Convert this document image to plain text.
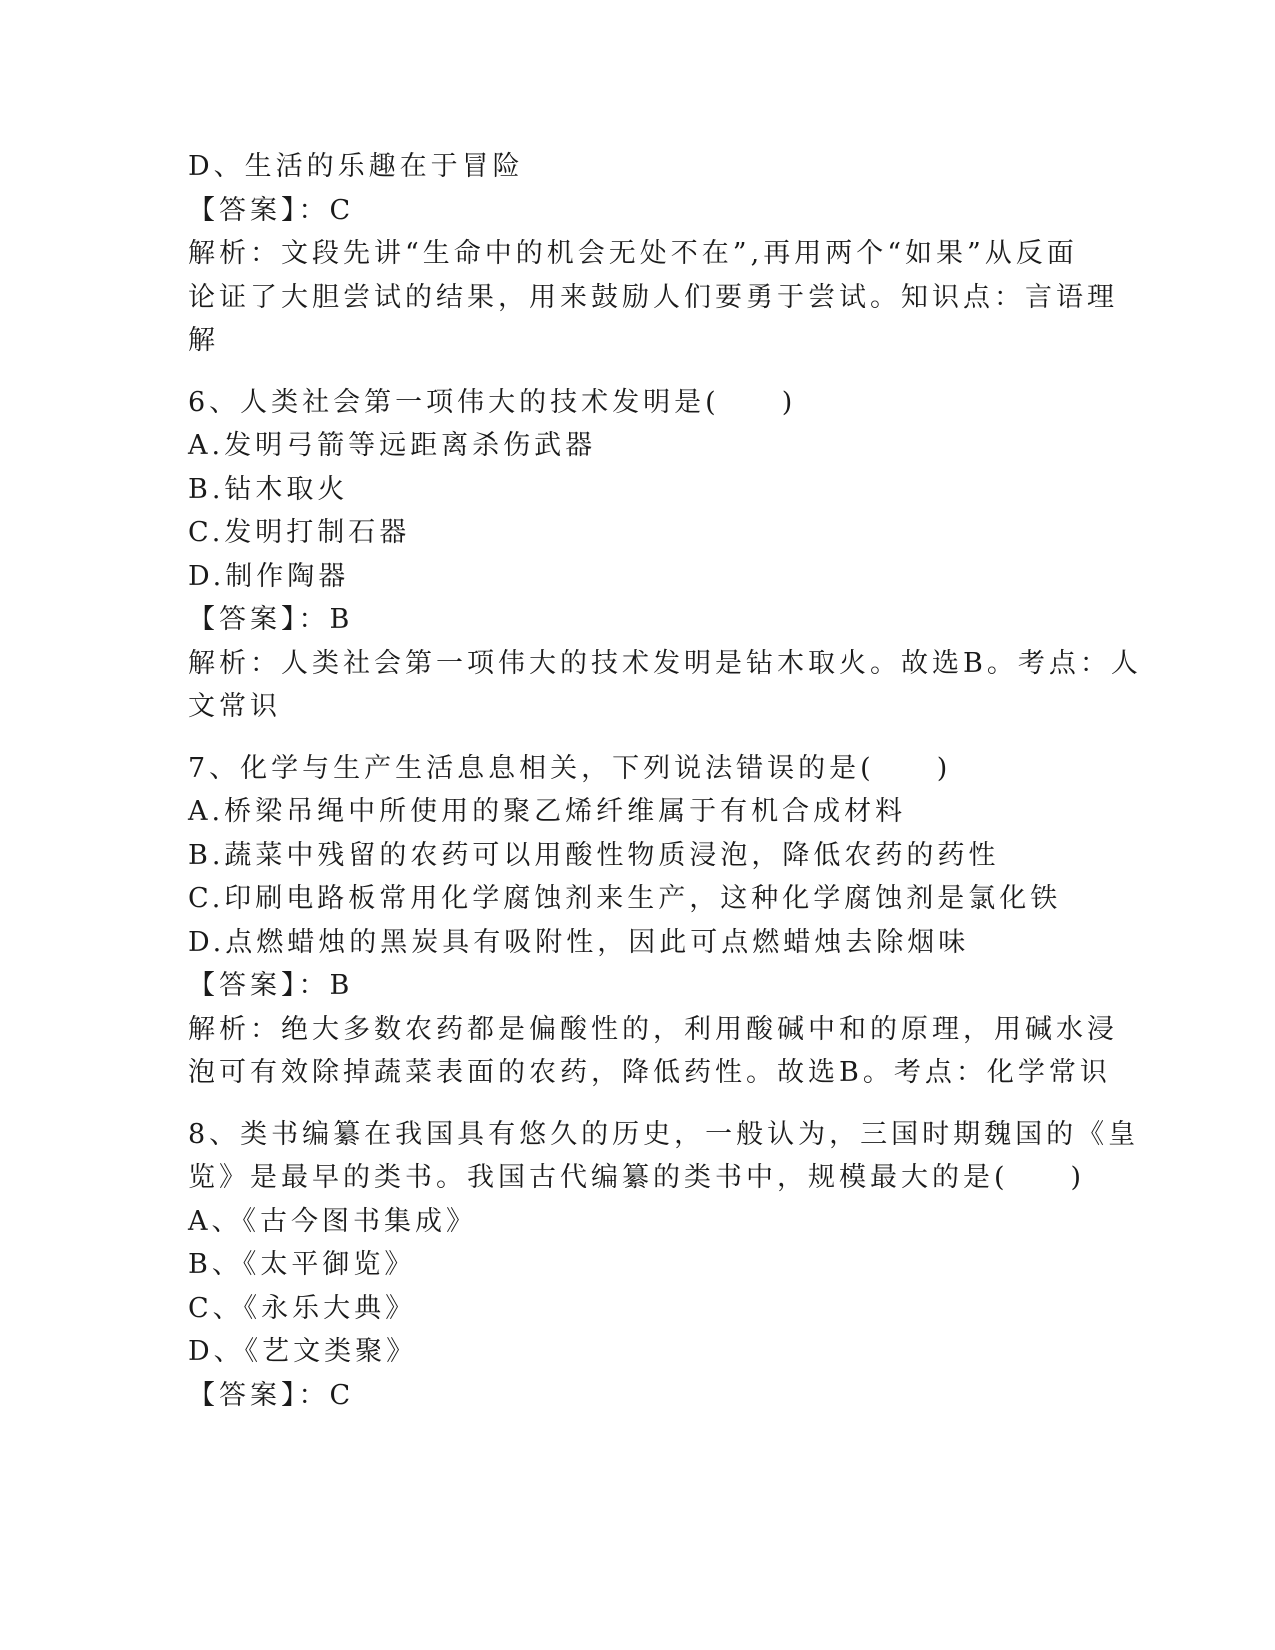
D、生活的乐趣在于冒险
【答案】：C
解析：文段先讲“生命中的机会无处不在”,再用两个“如果”从反面
论证了大胆尝试的结果，用来鼓励人们要勇于尝试。知识点：言语理
解
6、人类社会第一项伟大的技术发明是(　　)
A.发明弓箭等远距离杀伤武器
B.钻木取火
C.发明打制石器
D.制作陶器
【答案】：B
解析：人类社会第一项伟大的技术发明是钻木取火。故选B。考点：人
文常识
7、化学与生产生活息息相关，下列说法错误的是(　　)
A.桥梁吊绳中所使用的聚乙烯纤维属于有机合成材料
B.蔬菜中残留的农药可以用酸性物质浸泡，降低农药的药性
C.印刷电路板常用化学腐蚀剂来生产，这种化学腐蚀剂是氯化铁
D.点燃蜡烛的黑炭具有吸附性，因此可点燃蜡烛去除烟味
【答案】：B
解析：绝大多数农药都是偏酸性的，利用酸碱中和的原理，用碱水浸
泡可有效除掉蔬菜表面的农药，降低药性。故选B。考点：化学常识
8、类书编纂在我国具有悠久的历史，一般认为，三国时期魏国的《皇
览》是最早的类书。我国古代编纂的类书中，规模最大的是(　　)
A、《古今图书集成》
B、《太平御览》
C、《永乐大典》
D、《艺文类聚》
【答案】：C
